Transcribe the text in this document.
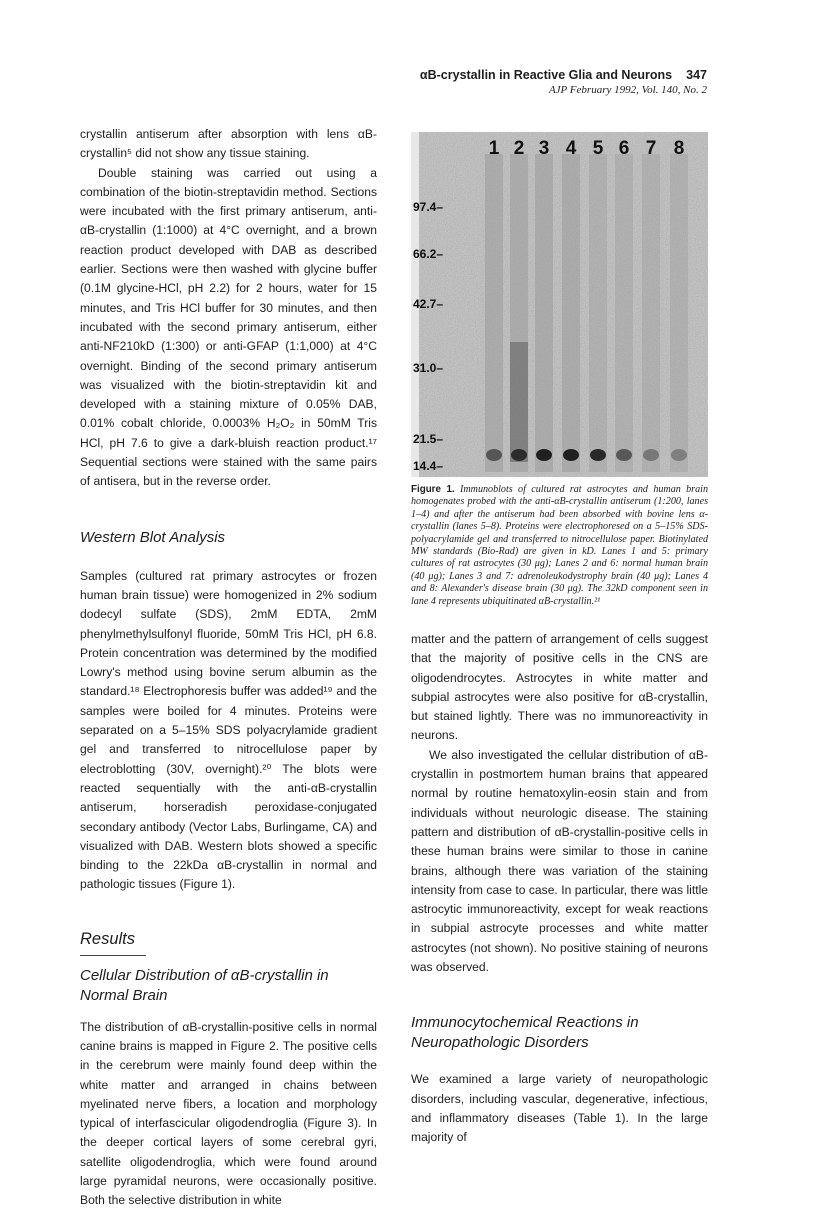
αB-crystallin in Reactive Glia and Neurons 347
AJP February 1992, Vol. 140, No. 2

crystallin antiserum after absorption with lens αB-crystallin⁵ did not show any tissue staining.

Double staining was carried out using a combination of the biotin-streptavidin method. Sections were incubated with the first primary antiserum, anti-αB-crystallin (1:1000) at 4°C overnight, and a brown reaction product developed with DAB as described earlier. Sections were then washed with glycine buffer (0.1M glycine-HCl, pH 2.2) for 2 hours, water for 15 minutes, and Tris HCl buffer for 30 minutes, and then incubated with the second primary antiserum, either anti-NF210kD (1:300) or anti-GFAP (1:1,000) at 4°C overnight. Binding of the second primary antiserum was visualized with the biotin-streptavidin kit and developed with a staining mixture of 0.05% DAB, 0.01% cobalt chloride, 0.0003% H₂O₂ in 50mM Tris HCl, pH 7.6 to give a dark-bluish reaction product.¹⁷ Sequential sections were stained with the same pairs of antisera, but in the reverse order.

Western Blot Analysis

Samples (cultured rat primary astrocytes or frozen human brain tissue) were homogenized in 2% sodium dodecyl sulfate (SDS), 2mM EDTA, 2mM phenylmethylsulfonyl fluoride, 50mM Tris HCl, pH 6.8. Protein concentration was determined by the modified Lowry's method using bovine serum albumin as the standard.¹⁸ Electrophoresis buffer was added¹⁹ and the samples were boiled for 4 minutes. Proteins were separated on a 5–15% SDS polyacrylamide gradient gel and transferred to nitrocellulose paper by electroblotting (30V, overnight).²⁰ The blots were reacted sequentially with the anti-αB-crystallin antiserum, horseradish peroxidase-conjugated secondary antibody (Vector Labs, Burlingame, CA) and visualized with DAB. Western blots showed a specific binding to the 22kDa αB-crystallin in normal and pathologic tissues (Figure 1).

Results
Cellular Distribution of αB-crystallin in Normal Brain

The distribution of αB-crystallin-positive cells in normal canine brains is mapped in Figure 2. The positive cells in the cerebrum were mainly found deep within the white matter and arranged in chains between myelinated nerve fibers, a location and morphology typical of interfascicular oligodendroglia (Figure 3). In the deeper cortical layers of some cerebral gyri, satellite oligodendroglia, which were found around large pyramidal neurons, were occasionally positive. Both the selective distribution in white

1 2 3 4 5 6 7 8
97.4–
66.2–
42.7–
31.0–
21.5–
14.4–
Figure 1. Immunoblots of cultured rat astrocytes and human brain homogenates probed with the anti-αB-crystallin antiserum (1:200, lanes 1–4) and after the antiserum had been absorbed with bovine lens α-crystallin (lanes 5–8). Proteins were electrophoresed on a 5–15% SDS-polyacrylamide gel and transferred to nitrocellulose paper. Biotinylated MW standards (Bio-Rad) are given in kD. Lanes 1 and 5: primary cultures of rat astrocytes (30 μg); Lanes 2 and 6: normal human brain (40 μg); Lanes 3 and 7: adrenoleukodystrophy brain (40 μg); Lanes 4 and 8: Alexander's disease brain (30 μg). The 32kD component seen in lane 4 represents ubiquitinated αB-crystallin.²¹

matter and the pattern of arrangement of cells suggest that the majority of positive cells in the CNS are oligodendrocytes. Astrocytes in white matter and subpial astrocytes were also positive for αB-crystallin, but stained lightly. There was no immunoreactivity in neurons.

We also investigated the cellular distribution of αB-crystallin in postmortem human brains that appeared normal by routine hematoxylin-eosin stain and from individuals without neurologic disease. The staining pattern and distribution of αB-crystallin-positive cells in these human brains were similar to those in canine brains, although there was variation of the staining intensity from case to case. In particular, there was little astrocytic immunoreactivity, except for weak reactions in subpial astrocyte processes and white matter astrocytes (not shown). No positive staining of neurons was observed.

Immunocytochemical Reactions in Neuropathologic Disorders

We examined a large variety of neuropathologic disorders, including vascular, degenerative, infectious, and inflammatory diseases (Table 1). In the large majority of
